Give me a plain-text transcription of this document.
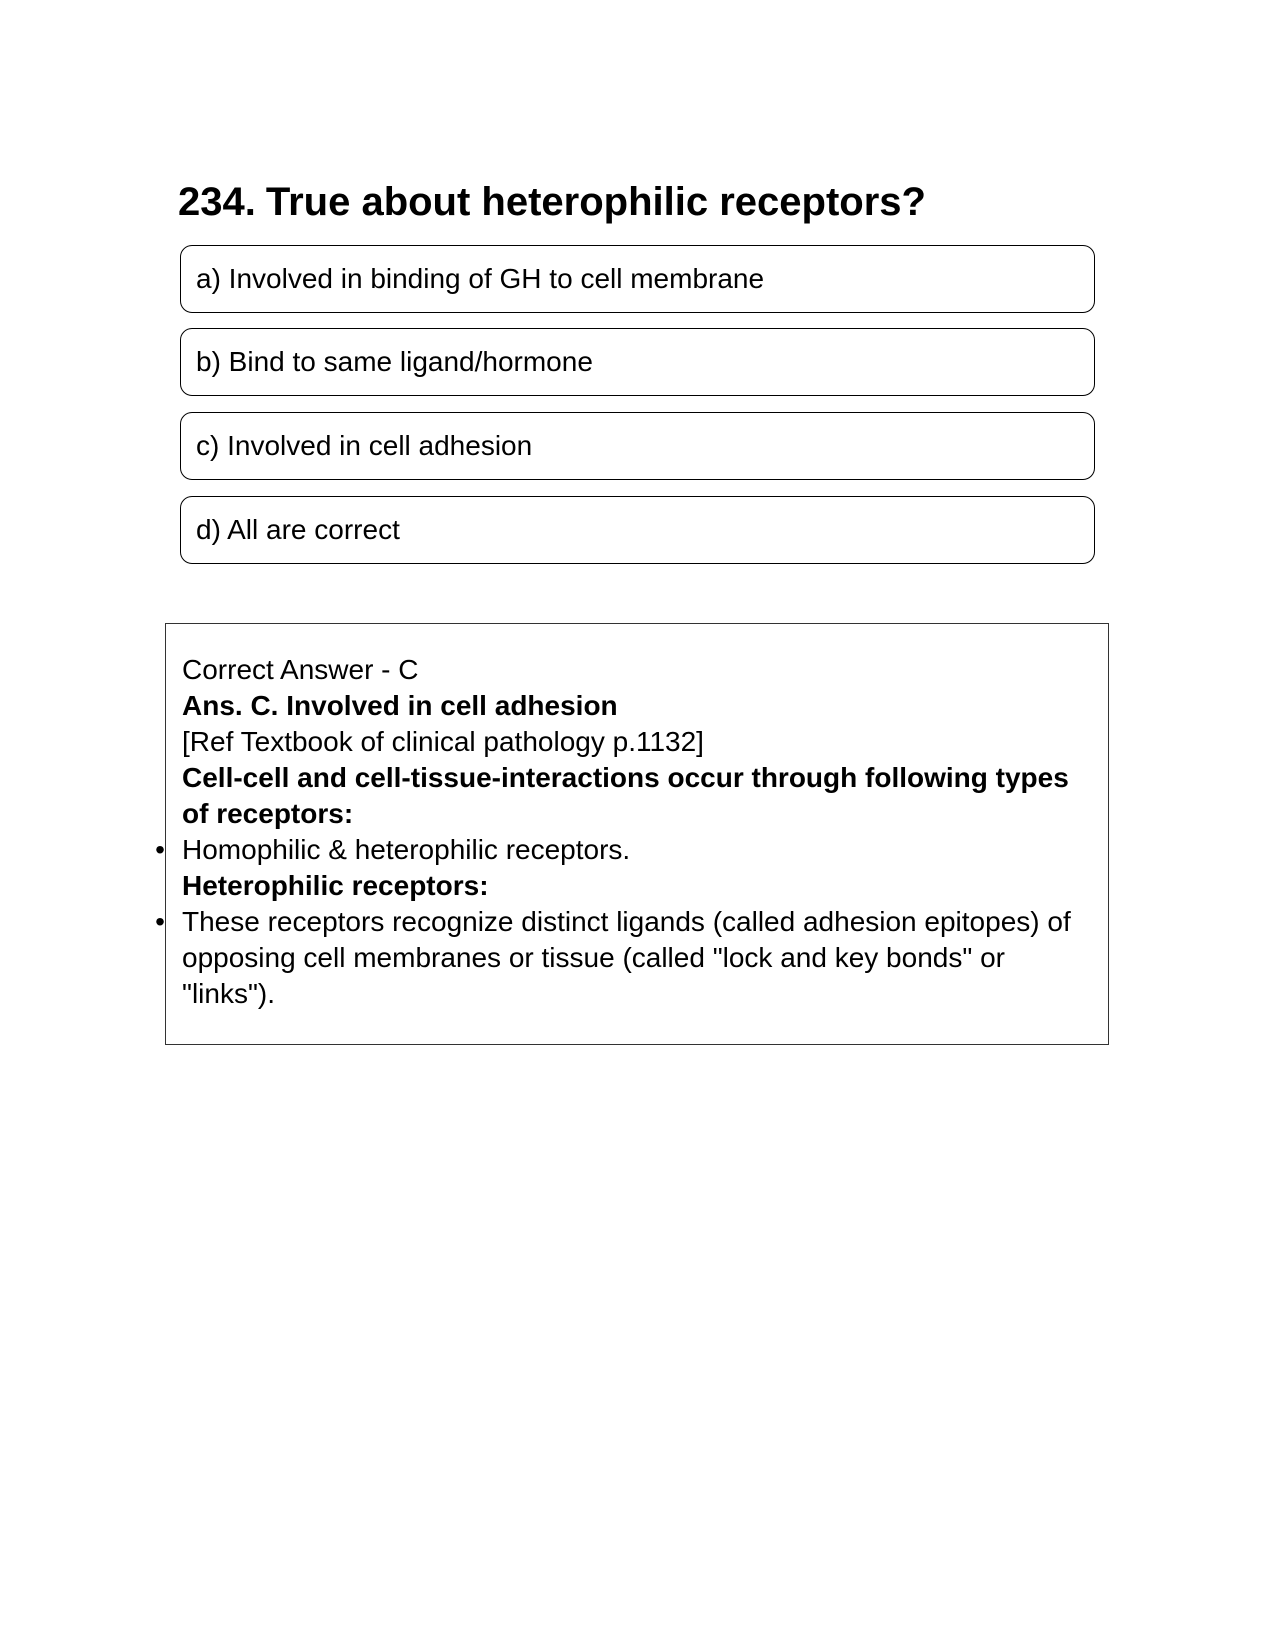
234. True about heterophilic receptors?
a) Involved in binding of GH to cell membrane
b) Bind to same ligand/hormone
c) Involved in cell adhesion
d) All are correct
Correct Answer - C
Ans. C. Involved in cell adhesion
[Ref Textbook of clinical pathology p.1132]
Cell-cell and cell-tissue-interactions occur through following types of receptors:
• Homophilic & heterophilic receptors.
Heterophilic receptors:
• These receptors recognize distinct ligands (called adhesion epitopes) of opposing cell membranes or tissue (called "lock and key bonds" or "links").
